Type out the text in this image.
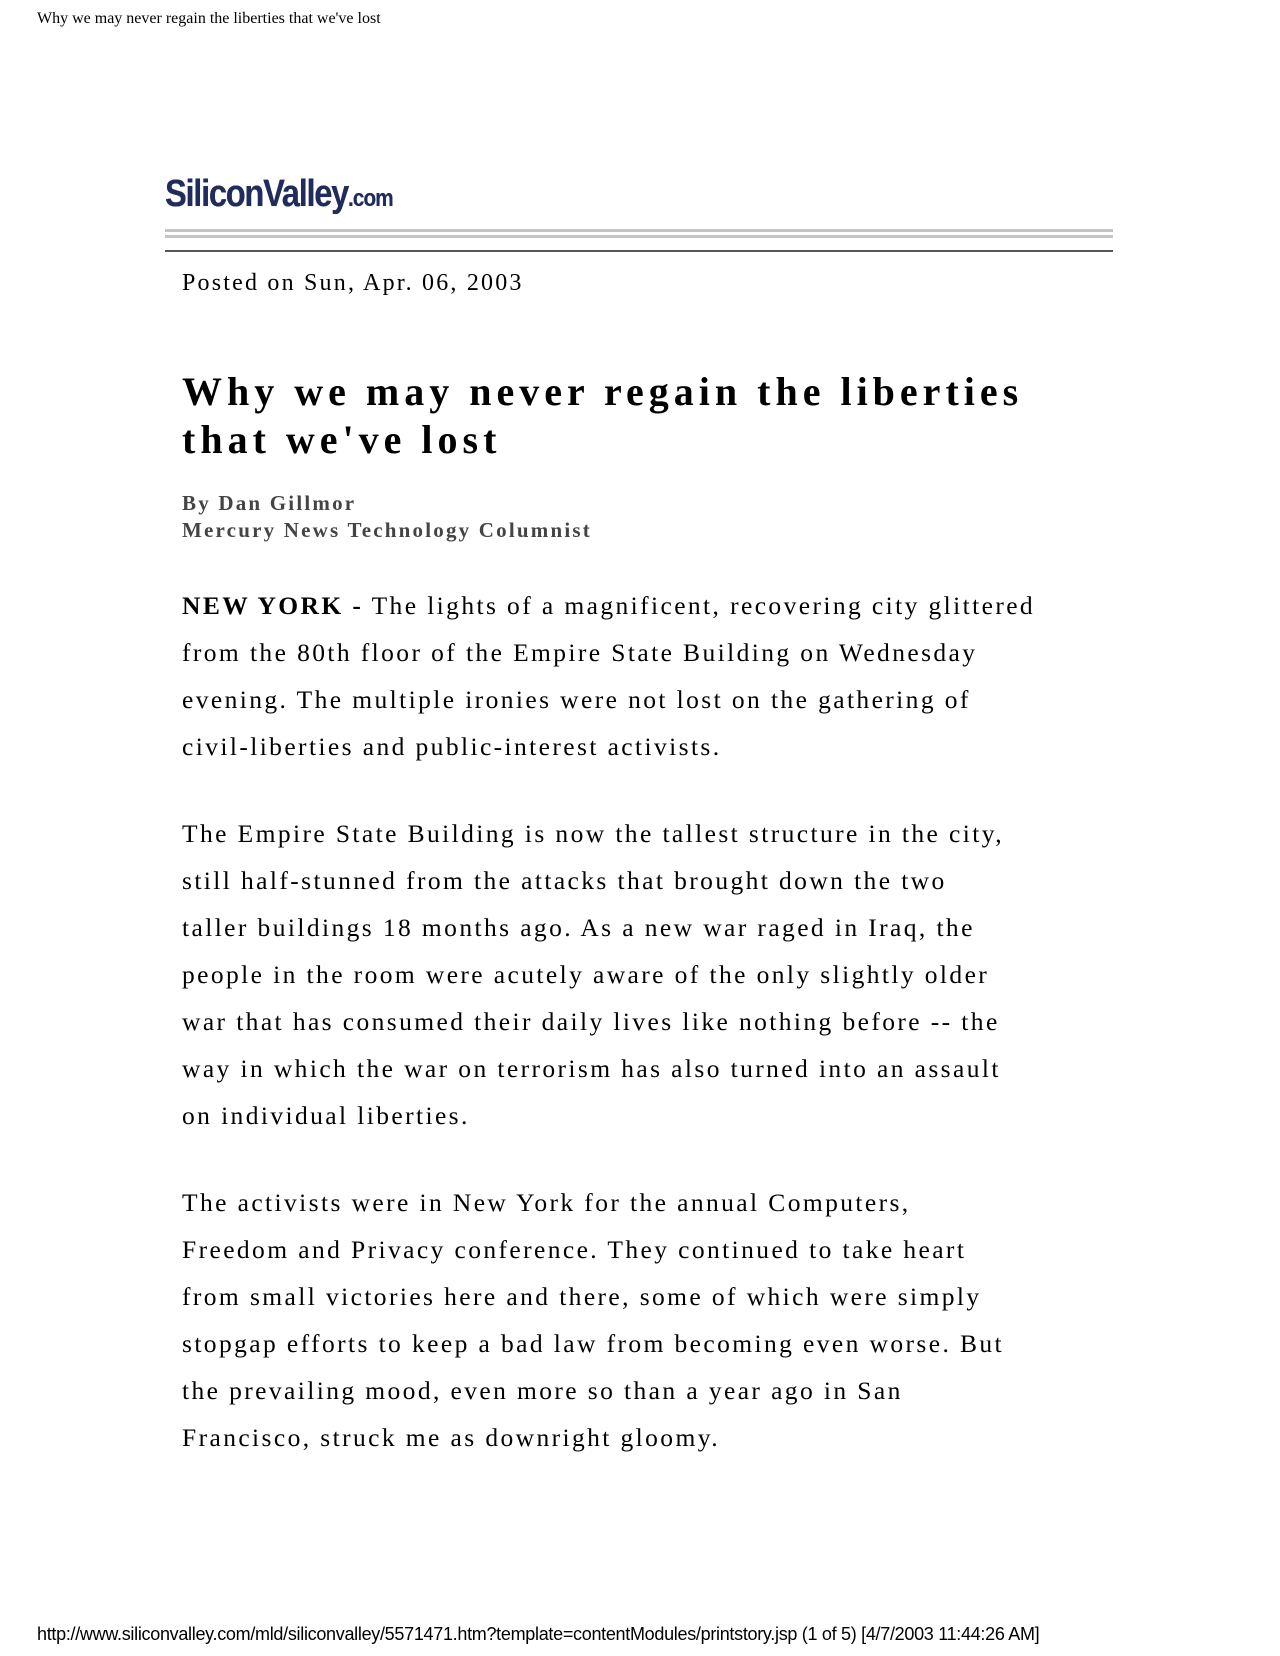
Why we may never regain the liberties that we've lost
SiliconValley.com

Posted on Sun, Apr. 06, 2003

Why we may never regain the liberties
that we've lost
By Dan Gillmor
Mercury News Technology Columnist

NEW YORK - The lights of a magnificent, recovering city glittered
from the 80th floor of the Empire State Building on Wednesday
evening. The multiple ironies were not lost on the gathering of
civil-liberties and public-interest activists.

The Empire State Building is now the tallest structure in the city,
still half-stunned from the attacks that brought down the two
taller buildings 18 months ago. As a new war raged in Iraq, the
people in the room were acutely aware of the only slightly older
war that has consumed their daily lives like nothing before -- the
way in which the war on terrorism has also turned into an assault
on individual liberties.

The activists were in New York for the annual Computers,
Freedom and Privacy conference. They continued to take heart
from small victories here and there, some of which were simply
stopgap efforts to keep a bad law from becoming even worse. But
the prevailing mood, even more so than a year ago in San
Francisco, struck me as downright gloomy.

http://www.siliconvalley.com/mld/siliconvalley/5571471.htm?template=contentModules/printstory.jsp (1 of 5) [4/7/2003 11:44:26 AM]
